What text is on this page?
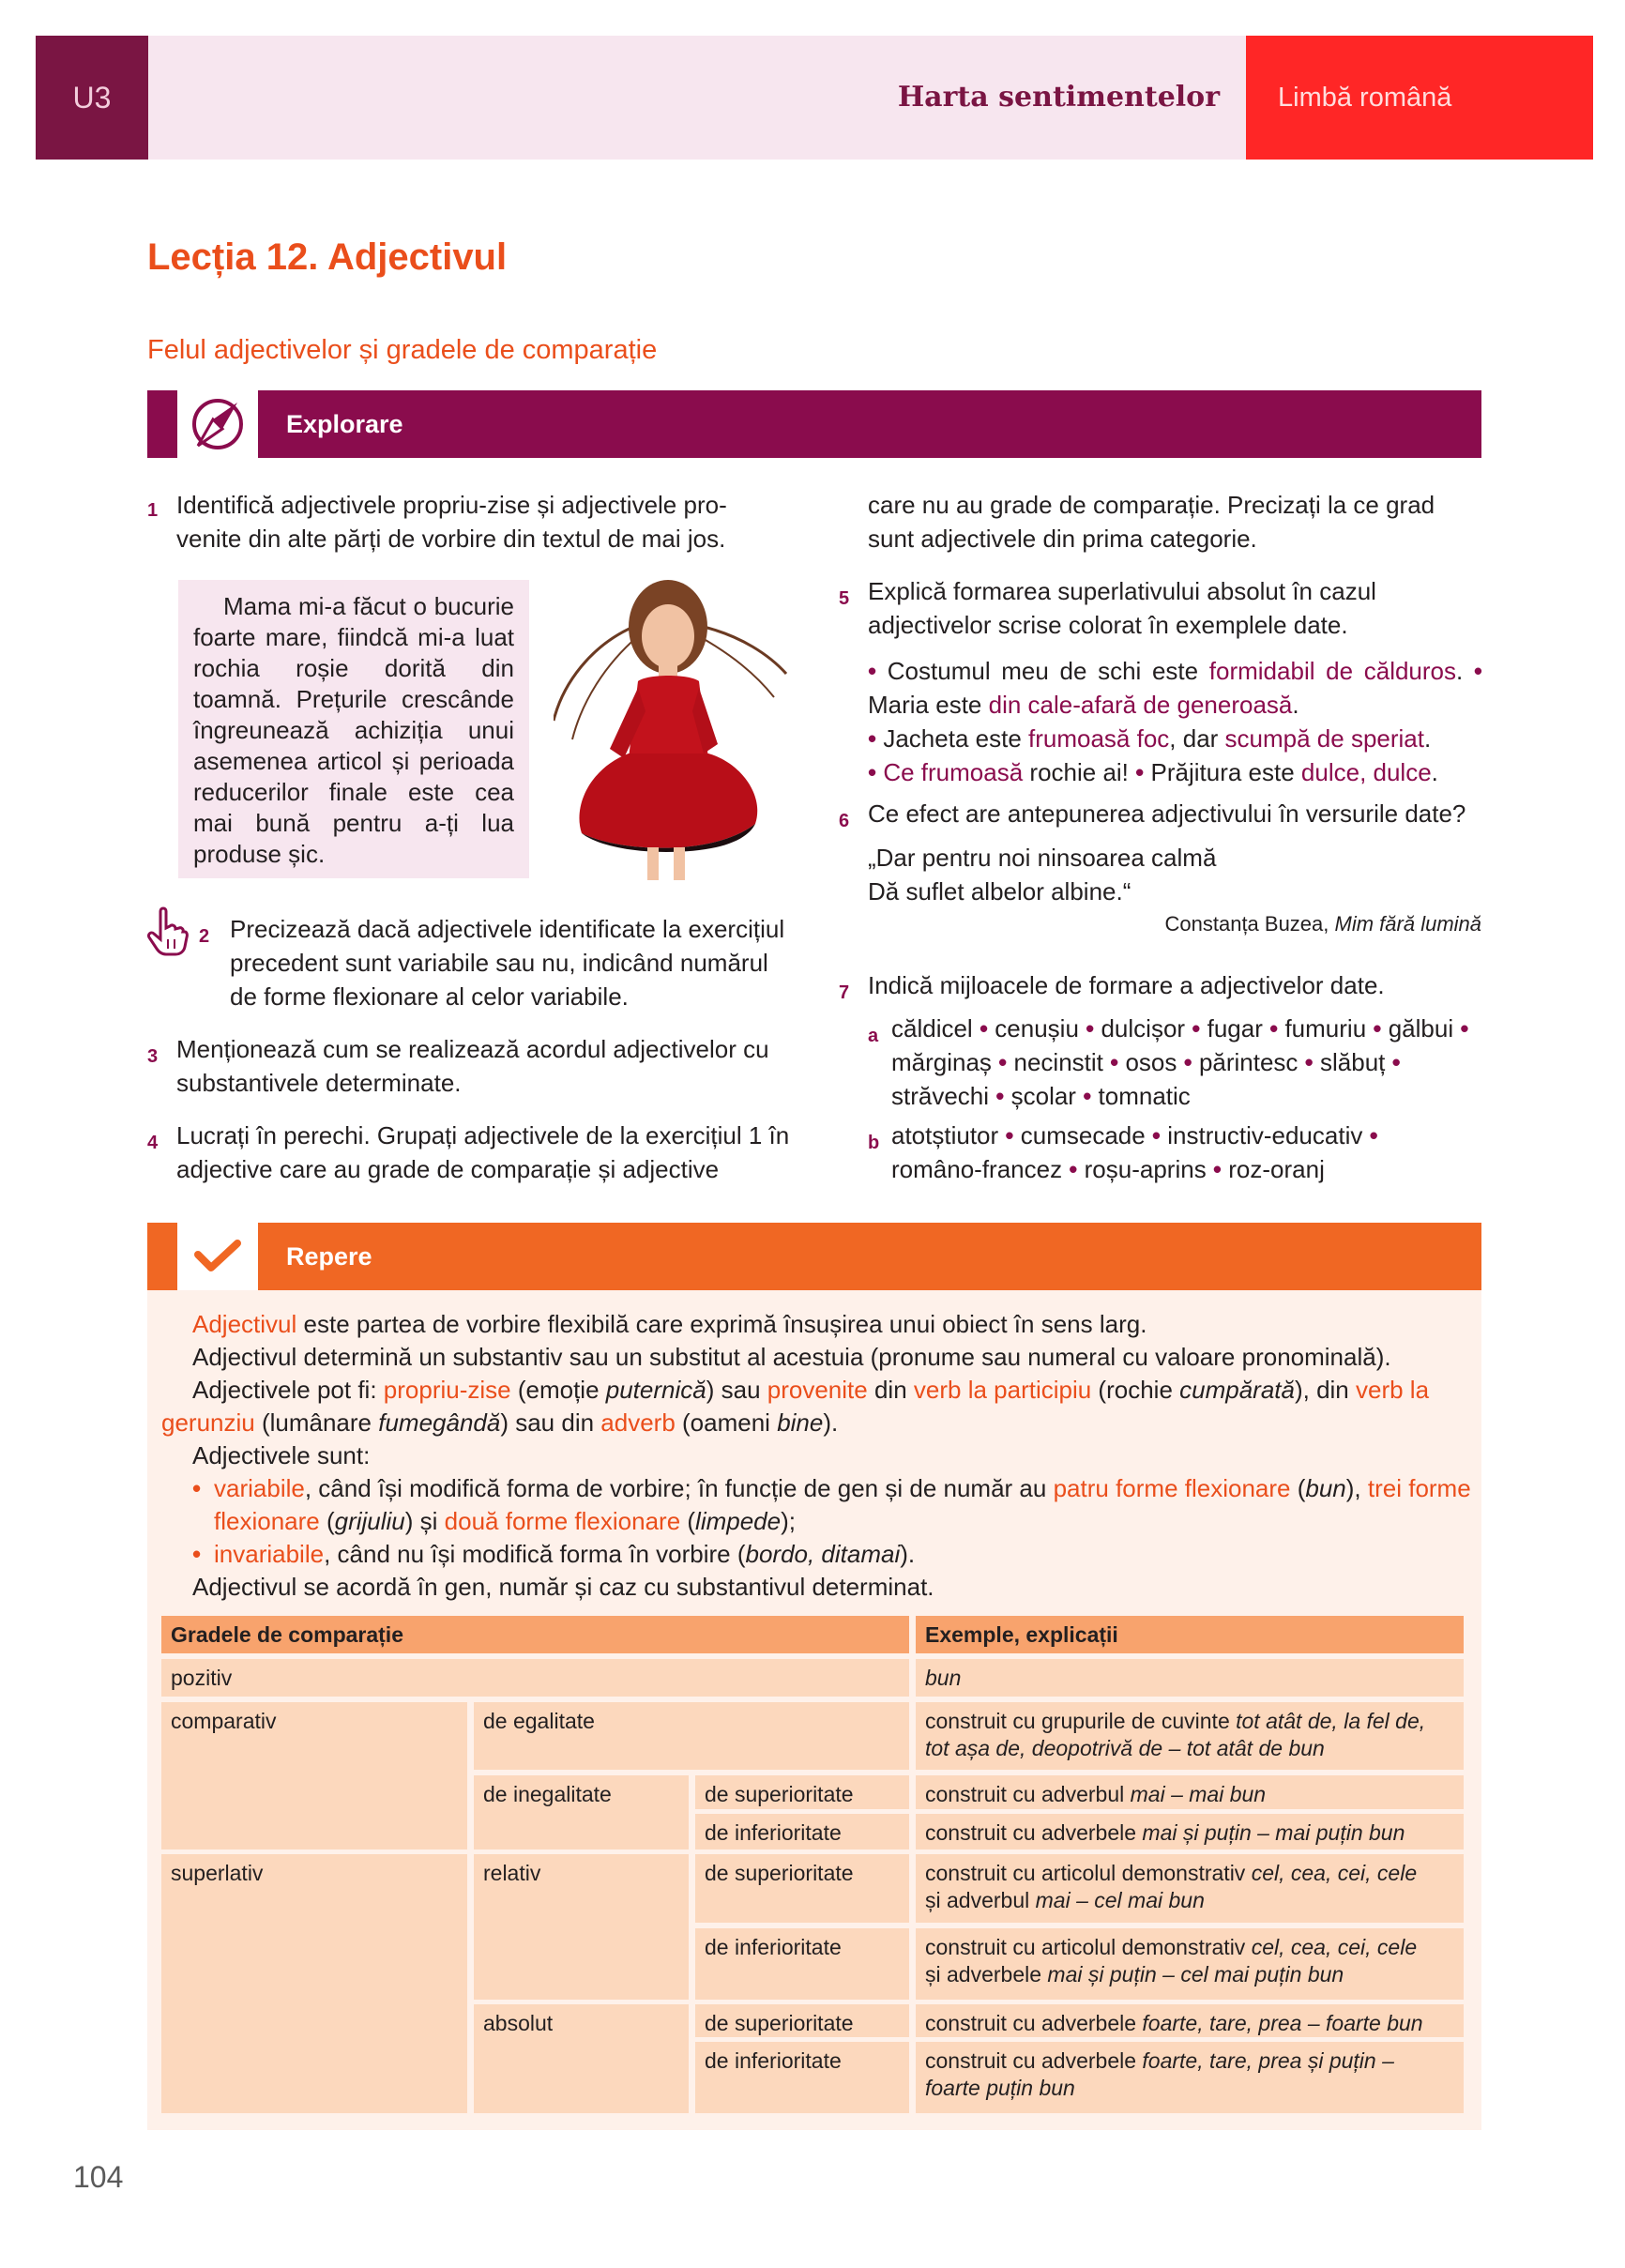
U3	Harta sentimentelor	Limbă română
Lecția 12. Adjectivul
Felul adjectivelor și gradele de comparație
Explorare
1 Identifică adjectivele propriu-zise și adjectivele pro-venite din alte părți de vorbire din textul de mai jos.

Mama mi-a făcut o bucurie foarte mare, fiindcă mi-a luat rochia roșie dorită din toamnă. Prețurile crescânde îngreunează achiziția unui asemenea articol și perioada reducerilor finale este cea mai bună pentru a-ți lua produse șic.

2 Precizează dacă adjectivele identificate la exercițiul precedent sunt variabile sau nu, indicând numărul de forme flexionare al celor variabile.
3 Menționează cum se realizează acordul adjectivelor cu substantivele determinate.
4 Lucrați în perechi. Grupați adjectivele de la exercițiul 1 în adjective care au grade de comparație și adjective
care nu au grade de comparație. Precizați la ce grad sunt adjectivele din prima categorie.
5 Explică formarea superlativului absolut în cazul adjectivelor scrise colorat în exemplele date.
• Costumul meu de schi este formidabil de călduros. • Maria este din cale-afară de generoasă.
• Jacheta este frumoasă foc, dar scumpă de speriat.
• Ce frumoasă rochie ai! • Prăjitura este dulce, dulce.
6 Ce efect are antepunerea adjectivului în versurile date?
„Dar pentru noi ninsoarea calmă
Dă suflet albelor albine.“
Constanța Buzea, Mim fără lumină
7 Indică mijloacele de formare a adjectivelor date.
a căldicel • cenușiu • dulcișor • fugar • fumuriu • gălbui • mărginaș • necinstit • osos • părintesc • slăbuț • străvechi • școlar • tomnatic
b atotștiutor • cumsecade • instructiv-educativ • româno-francez • roșu-aprins • roz-oranj
Repere
Adjectivul este partea de vorbire flexibilă care exprimă însușirea unui obiect în sens larg.
Adjectivul determină un substantiv sau un substitut al acestuia (pronume sau numeral cu valoare pronominală).
Adjectivele pot fi: propriu-zise (emoție puternică) sau provenite din verb la participiu (rochie cumpărată), din verb la gerunziu (lumânare fumegândă) sau din adverb (oameni bine).
Adjectivele sunt:
• variabile, când își modifică forma de vorbire; în funcție de gen și de număr au patru forme flexionare (bun), trei forme flexionare (grijuliu) și două forme flexionare (limpede);
• invariabile, când nu își modifică forma în vorbire (bordo, ditamai).
Adjectivul se acordă în gen, număr și caz cu substantivul determinat.
Gradele de comparație	Exemple, explicații
pozitiv	bun
comparativ	de egalitate	construit cu grupurile de cuvinte tot atât de, la fel de, tot așa de, deopotrivă de – tot atât de bun
de inegalitate	de superioritate	construit cu adverbul mai – mai bun
de inferioritate	construit cu adverbele mai și puțin – mai puțin bun
superlativ	relativ	de superioritate	construit cu articolul demonstrativ cel, cea, cei, cele
și adverbul mai – cel mai bun
de inferioritate	construit cu articolul demonstrativ cel, cea, cei, cele
și adverbele mai și puțin – cel mai puțin bun
absolut	de superioritate	construit cu adverbele foarte, tare, prea – foarte bun
de inferioritate	construit cu adverbele foarte, tare, prea și puțin – foarte puțin bun
104
